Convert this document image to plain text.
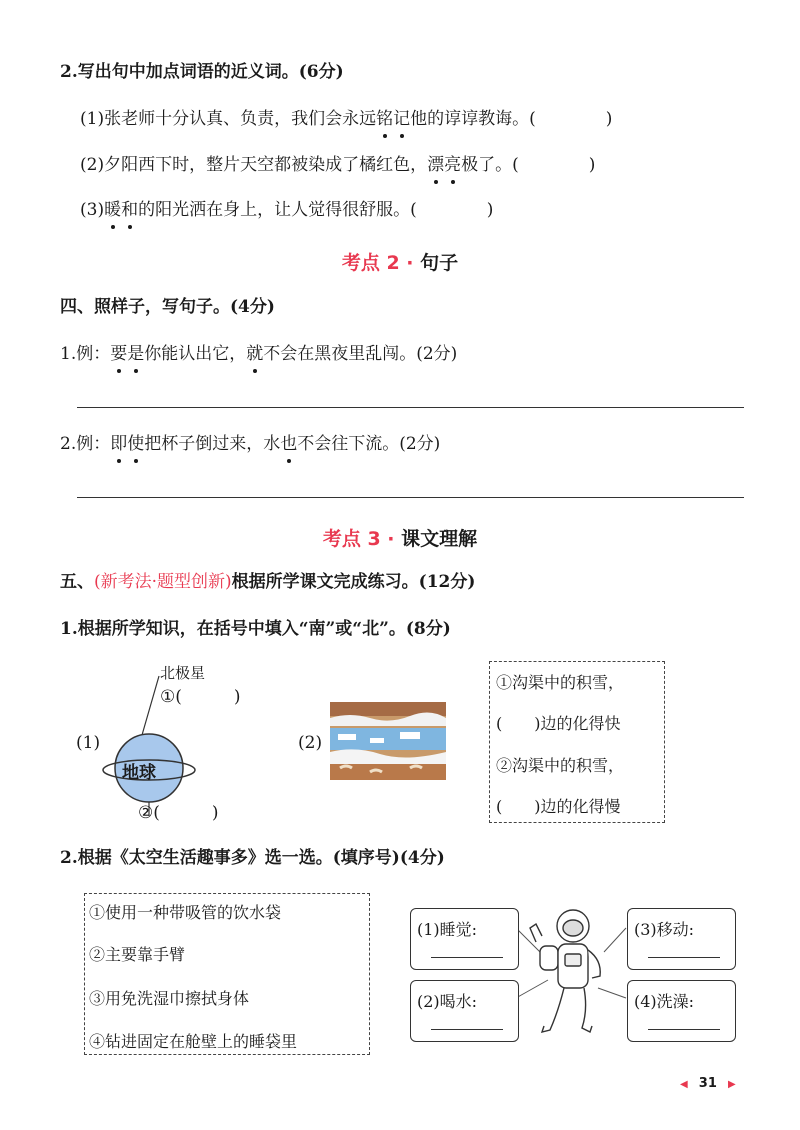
2.写出句中加点词语的近义词。(6分)
(1)张老师十分认真、负责，我们会永远铭记他的谆谆教诲。(	)
(2)夕阳西下时，整片天空都被染成了橘红色，漂亮极了。(	)
(3)暖和的阳光洒在身上，让人觉得很舒服。(	)
考点 2 · 句子
四、照样子，写句子。(4分)
1.例：要是你能认出它，就不会在黑夜里乱闯。(2分)
2.例：即使把杯子倒过来，水也不会往下流。(2分)
考点 3 · 课文理解
五、(新考法·题型创新)根据所学课文完成练习。(12分)
1.根据所学知识，在括号中填入“南”或“北”。(8分)
北极星
①(	)
(1)
地球
②(	)
(2)
①沟渠中的积雪，
(　　)边的化得快
②沟渠中的积雪，
(　　)边的化得慢
2.根据《太空生活趣事多》选一选。(填序号)(4分)
①使用一种带吸管的饮水袋
②主要靠手臂
③用免洗湿巾擦拭身体
④钻进固定在舱壁上的睡袋里
(1)睡觉:
(2)喝水:
(3)移动:
(4)洗澡:
◀ 31 ▶
